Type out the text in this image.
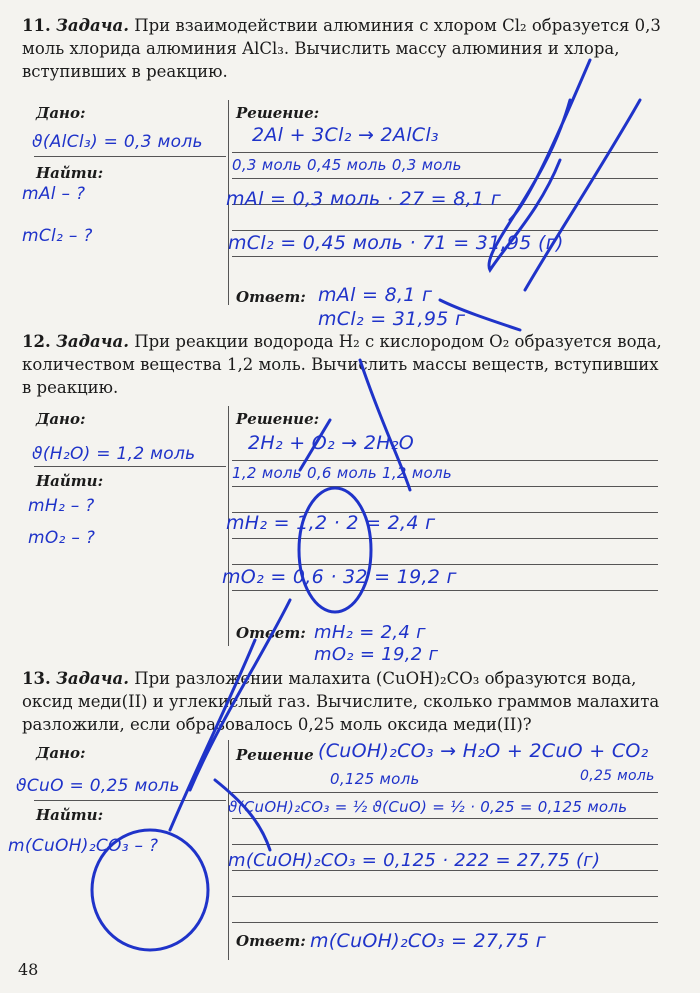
11. Задача. При взаимодействии алюминия с хлором Cl₂ образуется 0,3 моль хлорида алюминия AlCl₃. Вычислить массу алюминия и хлора, вступивших в реакцию.
Дано:
Найти:
Решение:
Ответ:
ϑ(AlCl₃) = 0,3 моль
mAl – ?
mCl₂ – ?
2Al + 3Cl₂ → 2AlCl₃
0,3 моль 0,45 моль 0,3 моль
mAl = 0,3 моль · 27 = 8,1 г
mCl₂ = 0,45 моль · 71 = 31,95 (г)
mAl = 8,1 г
mCl₂ = 31,95 г
12. Задача. При реакции водорода H₂ с кислородом O₂ образуется вода, количеством вещества 1,2 моль. Вычислить массы веществ, вступивших в реакцию.
Дано:
Найти:
Решение:
Ответ:
ϑ(H₂O) = 1,2 моль
mH₂ – ?
mO₂ – ?
2H₂ + O₂ → 2H₂O
1,2 моль 0,6 моль 1,2 моль
mH₂ = 1,2 · 2 = 2,4 г
mO₂ = 0,6 · 32 = 19,2 г
mH₂ = 2,4 г
mO₂ = 19,2 г
13. Задача. При разложении малахита (CuOH)₂CO₃ образуются вода, оксид меди(II) и углекислый газ. Вычислите, сколько граммов малахита разложили, если образовалось 0,25 моль оксида меди(II)?
Дано:
Найти:
Решение
Ответ:
ϑCuO = 0,25 моль
m(CuOH)₂CO₃ – ?
(CuOH)₂CO₃ → H₂O + 2CuO + CO₂
0,125 моль	0,25 моль
ϑ(CuOH)₂CO₃ = ½ ϑ(CuO) = ½ · 0,25 = 0,125 моль
m(CuOH)₂CO₃ = 0,125 · 222 = 27,75 (г)
m(CuOH)₂CO₃ = 27,75 г
48
